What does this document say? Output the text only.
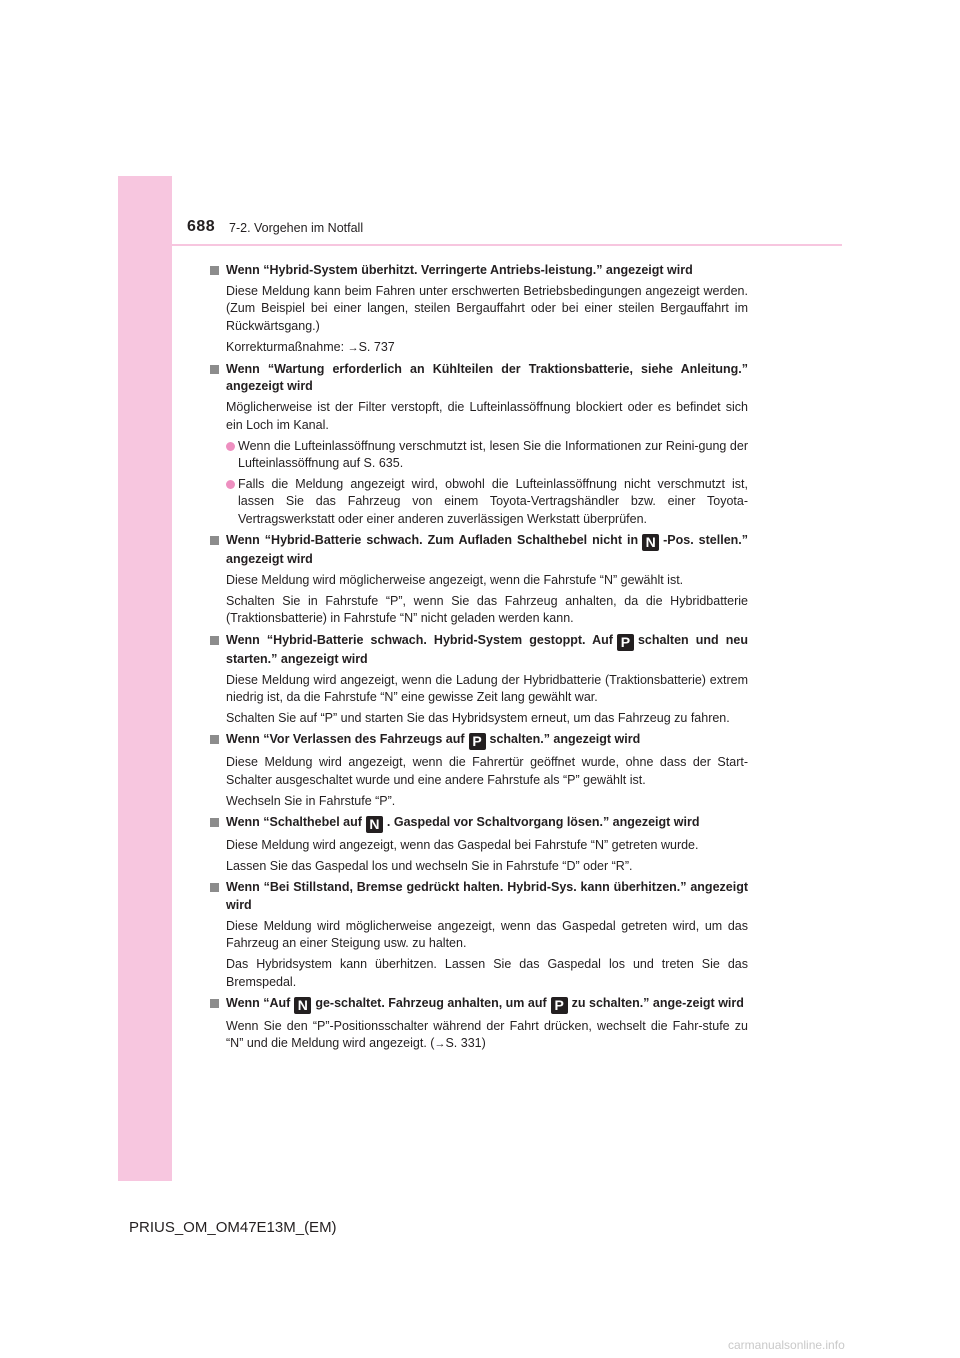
688 7-2. Vorgehen im Notfall
Wenn “Hybrid-System überhitzt. Verringerte Antriebs-leistung.” angezeigt wird
Diese Meldung kann beim Fahren unter erschwerten Betriebsbedingungen angezeigt werden. (Zum Beispiel bei einer langen, steilen Bergauffahrt oder bei einer steilen Bergauffahrt im Rückwärtsgang.)
Korrekturmaßnahme: →S. 737
Wenn “Wartung erforderlich an Kühlteilen der Traktionsbatterie, siehe Anleitung.” angezeigt wird
Möglicherweise ist der Filter verstopft, die Lufteinlassöffnung blockiert oder es befindet sich ein Loch im Kanal.
Wenn die Lufteinlassöffnung verschmutzt ist, lesen Sie die Informationen zur Reini-gung der Lufteinlassöffnung auf S. 635.
Falls die Meldung angezeigt wird, obwohl die Lufteinlassöffnung nicht verschmutzt ist, lassen Sie das Fahrzeug von einem Toyota-Vertragshändler bzw. einer Toyota-Vertragswerkstatt oder einer anderen zuverlässigen Werkstatt überprüfen.
Wenn “Hybrid-Batterie schwach. Zum Aufladen Schalthebel nicht in N -Pos. stellen.” angezeigt wird
Diese Meldung wird möglicherweise angezeigt, wenn die Fahrstufe “N” gewählt ist.
Schalten Sie in Fahrstufe “P”, wenn Sie das Fahrzeug anhalten, da die Hybridbatterie (Traktionsbatterie) in Fahrstufe “N” nicht geladen werden kann.
Wenn “Hybrid-Batterie schwach. Hybrid-System gestoppt. Auf P schalten und neu starten.” angezeigt wird
Diese Meldung wird angezeigt, wenn die Ladung der Hybridbatterie (Traktionsbatterie) extrem niedrig ist, da die Fahrstufe “N” eine gewisse Zeit lang gewählt war.
Schalten Sie auf “P” und starten Sie das Hybridsystem erneut, um das Fahrzeug zu fahren.
Wenn “Vor Verlassen des Fahrzeugs auf P schalten.” angezeigt wird
Diese Meldung wird angezeigt, wenn die Fahrertür geöffnet wurde, ohne dass der Start-Schalter ausgeschaltet wurde und eine andere Fahrstufe als “P” gewählt ist.
Wechseln Sie in Fahrstufe “P”.
Wenn “Schalthebel auf N . Gaspedal vor Schaltvorgang lösen.” angezeigt wird
Diese Meldung wird angezeigt, wenn das Gaspedal bei Fahrstufe “N” getreten wurde.
Lassen Sie das Gaspedal los und wechseln Sie in Fahrstufe “D” oder “R”.
Wenn “Bei Stillstand, Bremse gedrückt halten. Hybrid-Sys. kann überhitzen.” angezeigt wird
Diese Meldung wird möglicherweise angezeigt, wenn das Gaspedal getreten wird, um das Fahrzeug an einer Steigung usw. zu halten.
Das Hybridsystem kann überhitzen. Lassen Sie das Gaspedal los und treten Sie das Bremspedal.
Wenn “Auf N ge-schaltet. Fahrzeug anhalten, um auf P zu schalten.” ange-zeigt wird
Wenn Sie den “P”-Positionsschalter während der Fahrt drücken, wechselt die Fahr-stufe zu “N” und die Meldung wird angezeigt. (→S. 331)
PRIUS_OM_OM47E13M_(EM)
carmanualsonline.info
